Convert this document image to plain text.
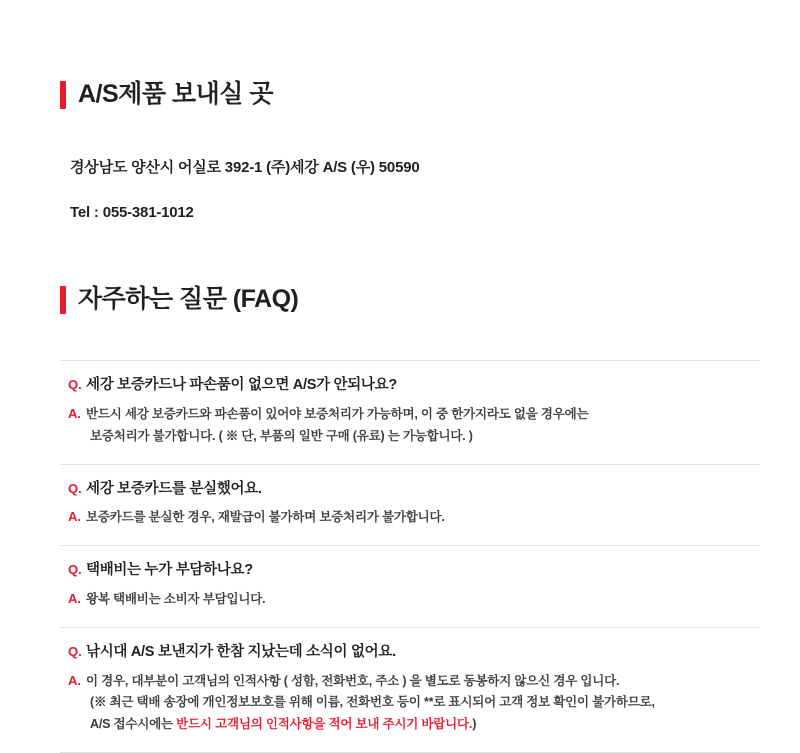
A/S제품 보내실 곳

경상남도 양산시 어실로 392-1 (주)세강 A/S (우) 50590

Tel : 055-381-1012

자주하는 질문 (FAQ)
Q. 세강 보증카드나 파손품이 없으면 A/S가 안되나요?
A. 반드시 세강 보증카드와 파손품이 있어야 보증처리가 가능하며, 이 중 한가지라도 없을 경우에는
보증처리가 불가합니다. ( ※ 단, 부품의 일반 구매 (유료) 는 가능합니다. )
Q. 세강 보증카드를 분실했어요.
A. 보증카드를 분실한 경우, 재발급이 불가하며 보증처리가 불가합니다.
Q. 택배비는 누가 부담하나요?
A. 왕복 택배비는 소비자 부담입니다.
Q. 낚시대 A/S 보낸지가 한참 지났는데 소식이 없어요.
A. 이 경우, 대부분이 고객님의 인적사항 ( 성함, 전화번호, 주소 ) 을 별도로 동봉하지 않으신 경우 입니다.
(※ 최근 택배 송장에 개인정보보호를 위해 이름, 전화번호 등이 **로 표시되어 고객 정보 확인이 불가하므로,
A/S 접수시에는 반드시 고객님의 인적사항을 적어 보내 주시기 바랍니다.)
